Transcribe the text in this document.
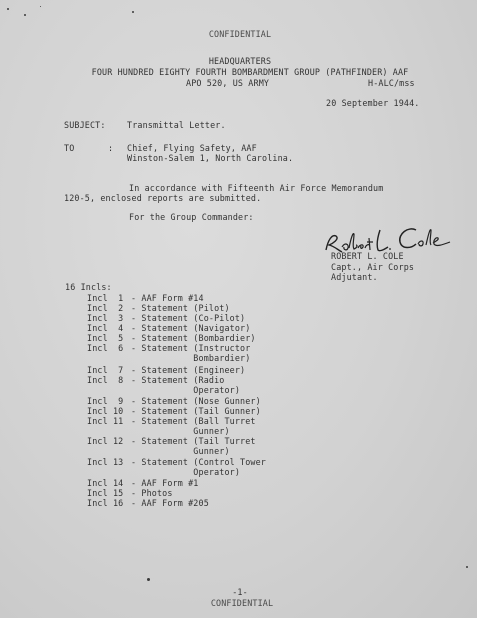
CONFIDENTIAL
HEADQUARTERS
FOUR HUNDRED EIGHTY FOURTH BOMBARDMENT GROUP (PATHFINDER) AAF
APO 520, US ARMY	H-ALC/mss
20 September 1944.
SUBJECT:	Transmittal Letter.
TO	: Chief, Flying Safety, AAF
Winston-Salem 1, North Carolina.
In accordance with Fifteenth Air Force Memorandum
120-5, enclosed reports are submitted.
For the Group Commander:
ROBERT L. COLE
Capt., Air Corps
Adjutant.
16 Incls:
-1-
CONFIDENTIAL
Incl  1 - AAF Form #14
Incl  2 - Statement (Pilot)
Incl  3 - Statement (Co-Pilot)
Incl  4 - Statement (Navigator)
Incl  5 - Statement (Bombardier)
Incl  6 - Statement (Instructor
Bombardier)
Incl  7 - Statement (Engineer)
Incl  8 - Statement (Radio
Operator)
Incl  9 - Statement (Nose Gunner)
Incl 10 - Statement (Tail Gunner)
Incl 11 - Statement (Ball Turret
Gunner)
Incl 12 - Statement (Tail Turret
Gunner)
Incl 13 - Statement (Control Tower
Operator)
Incl 14 - AAF Form #1
Incl 15 - Photos
Incl 16 - AAF Form #205
